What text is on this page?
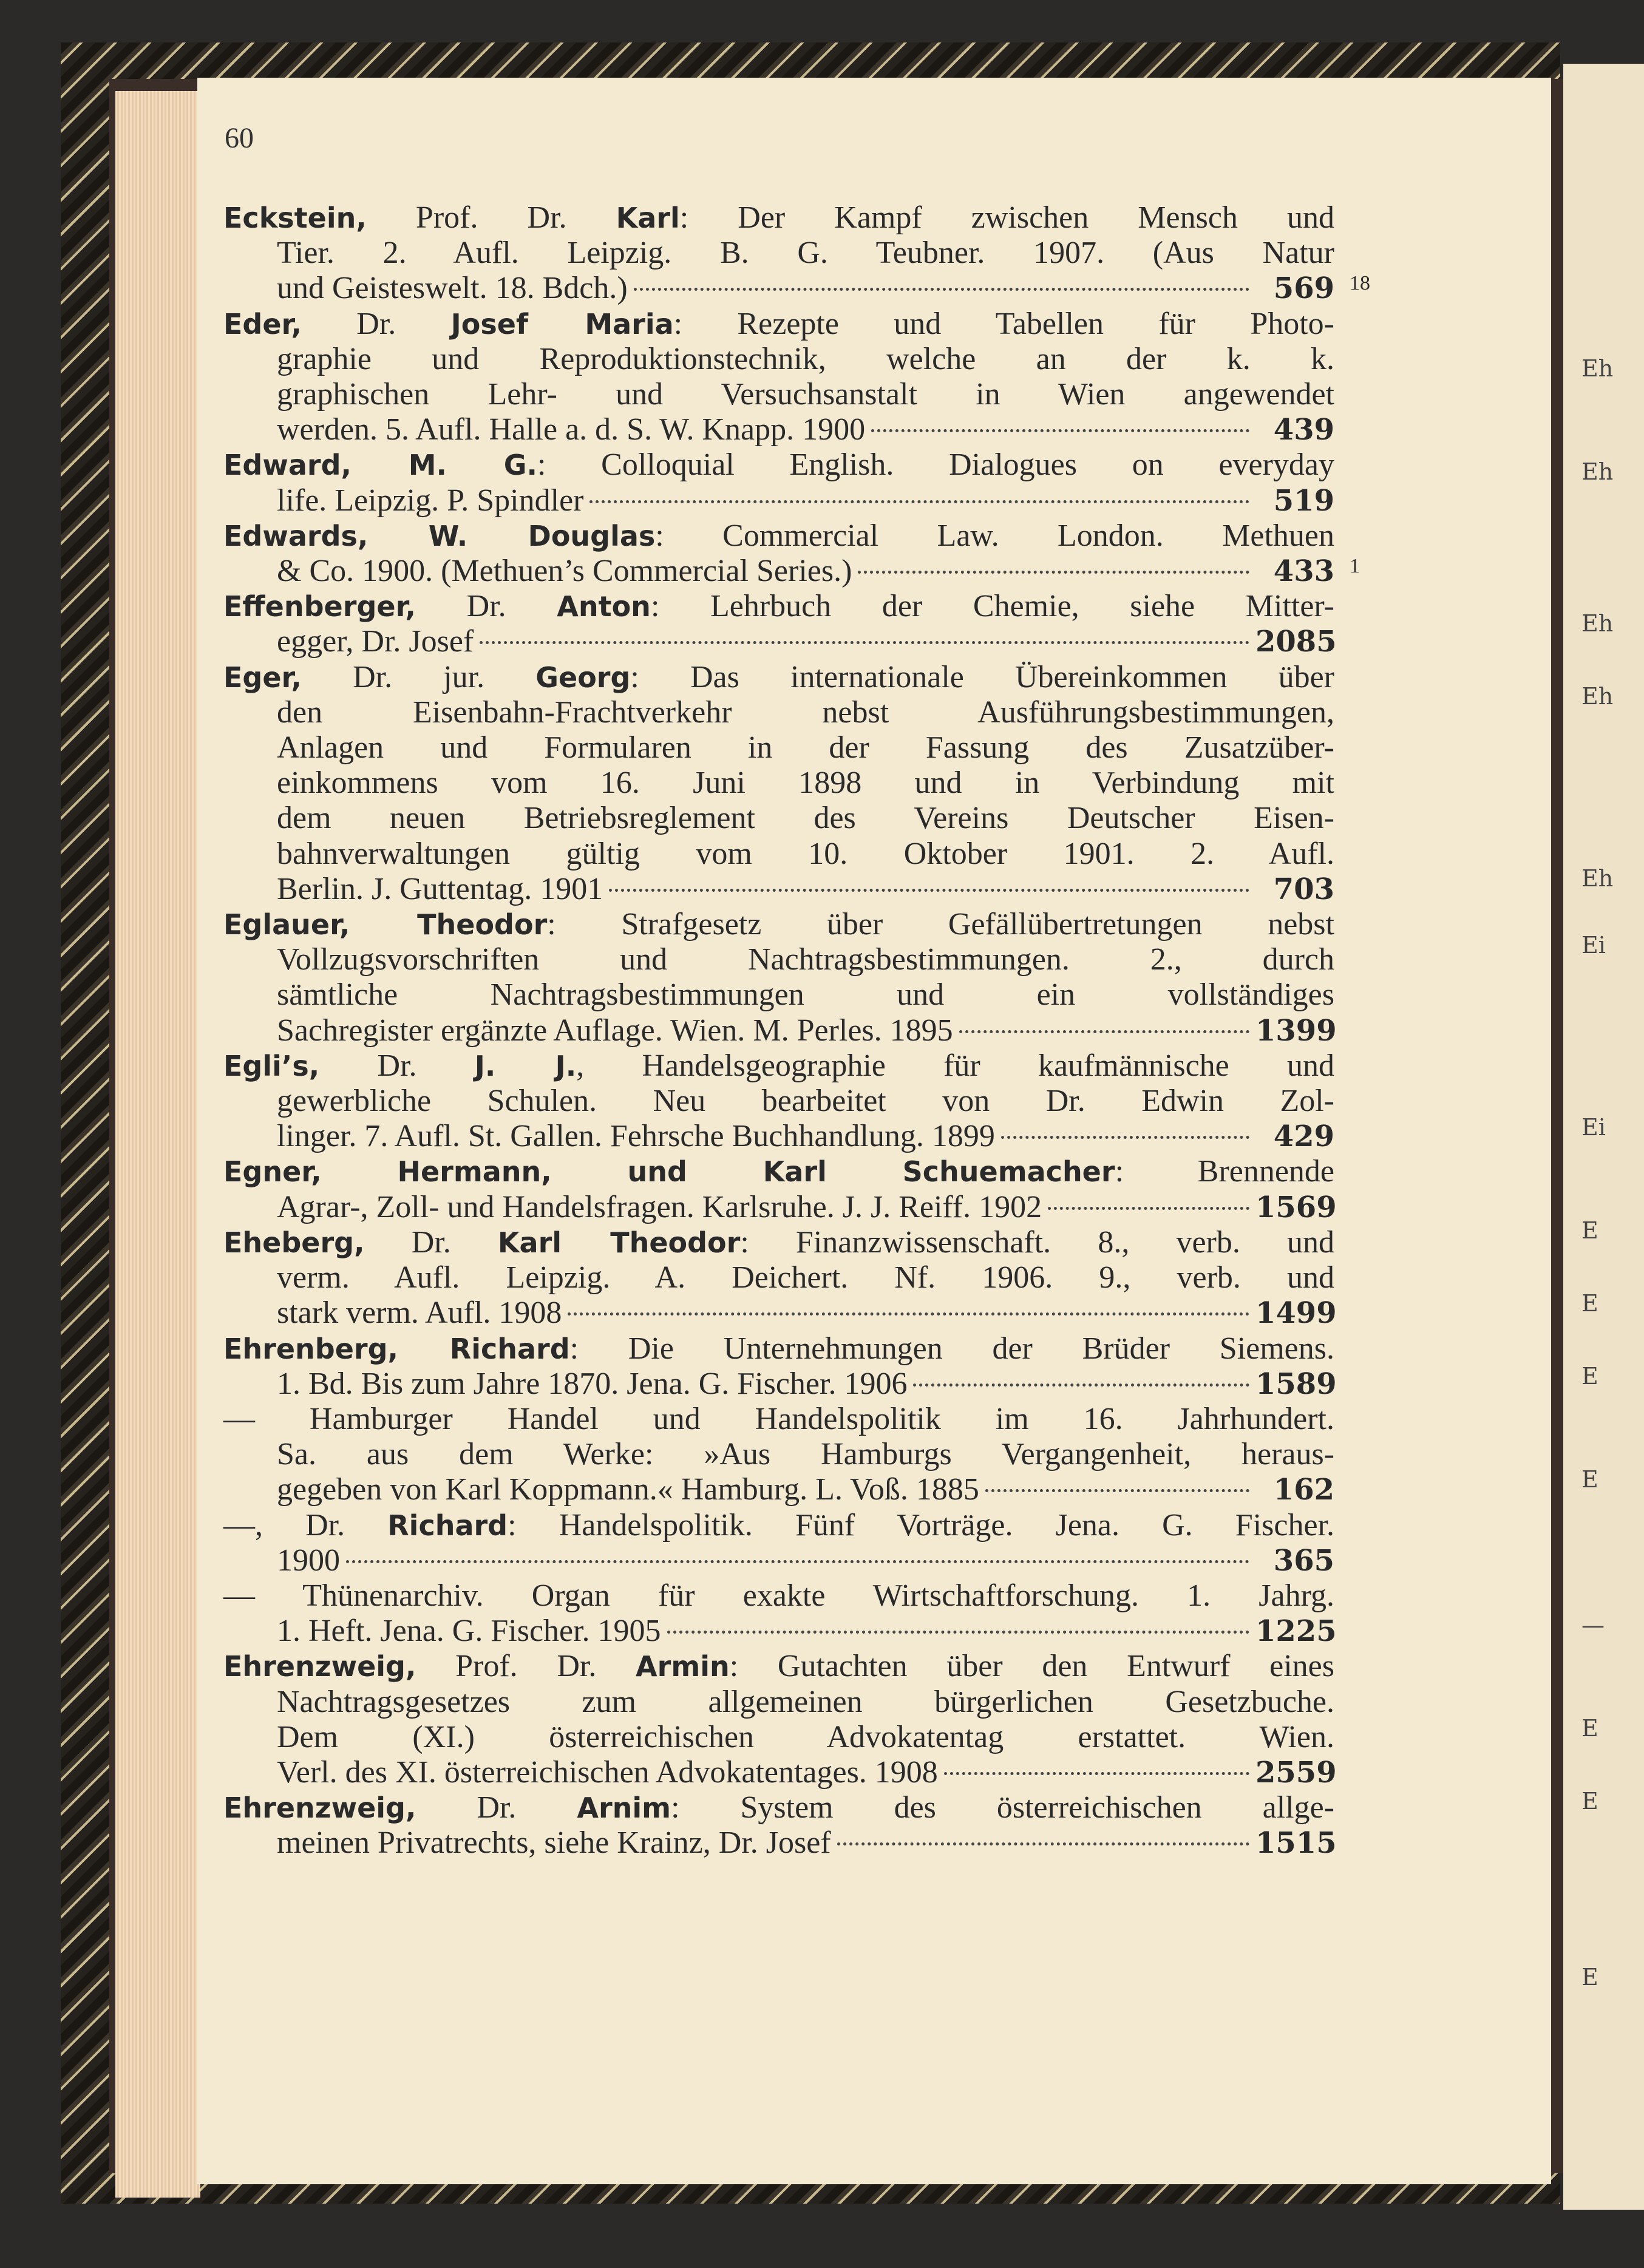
Eh
Eh
Eh
Eh
Eh
Ei
Ei
E
E
E
E
—
E
E
E
60
Eckstein, Prof. Dr. Karl: Der Kampf zwischen Mensch und
Tier. 2. Aufl. Leipzig. B. G. Teubner. 1907. (Aus Natur
und Geisteswelt. 18. Bdch.)	569 18
Eder, Dr. Josef Maria: Rezepte und Tabellen für Photo-
graphie und Reproduktionstechnik, welche an der k. k.
graphischen Lehr- und Versuchsanstalt in Wien angewendet
werden. 5. Aufl. Halle a. d. S. W. Knapp. 1900	439
Edward, M. G.: Colloquial English. Dialogues on everyday
life. Leipzig. P. Spindler	519
Edwards, W. Douglas: Commercial Law. London. Methuen
& Co. 1900. (Methuen’s Commercial Series.)	433 1
Effenberger, Dr. Anton: Lehrbuch der Chemie, siehe Mitter-
egger, Dr. Josef	2085
Eger, Dr. jur. Georg: Das internationale Übereinkommen über
den Eisenbahn-Frachtverkehr nebst Ausführungsbestimmungen,
Anlagen und Formularen in der Fassung des Zusatzüber-
einkommens vom 16. Juni 1898 und in Verbindung mit
dem neuen Betriebsreglement des Vereins Deutscher Eisen-
bahnverwaltungen gültig vom 10. Oktober 1901. 2. Aufl.
Berlin. J. Guttentag. 1901	703
Eglauer, Theodor: Strafgesetz über Gefällübertretungen nebst
Vollzugsvorschriften und Nachtragsbestimmungen. 2., durch
sämtliche Nachtragsbestimmungen und ein vollständiges
Sachregister ergänzte Auflage. Wien. M. Perles. 1895	1399
Egli’s, Dr. J. J., Handelsgeographie für kaufmännische und
gewerbliche Schulen. Neu bearbeitet von Dr. Edwin Zol-
linger. 7. Aufl. St. Gallen. Fehrsche Buchhandlung. 1899	429
Egner, Hermann, und Karl Schuemacher: Brennende
Agrar-, Zoll- und Handelsfragen. Karlsruhe. J. J. Reiff. 1902	1569
Eheberg, Dr. Karl Theodor: Finanzwissenschaft. 8., verb. und
verm. Aufl. Leipzig. A. Deichert. Nf. 1906. 9., verb. und
stark verm. Aufl. 1908	1499
Ehrenberg, Richard: Die Unternehmungen der Brüder Siemens.
1. Bd. Bis zum Jahre 1870. Jena. G. Fischer. 1906	1589
— Hamburger Handel und Handelspolitik im 16. Jahrhundert.
Sa. aus dem Werke: »Aus Hamburgs Vergangenheit, heraus-
gegeben von Karl Koppmann.« Hamburg. L. Voß. 1885	162
—, Dr. Richard: Handelspolitik. Fünf Vorträge. Jena. G. Fischer.
1900	365
— Thünenarchiv. Organ für exakte Wirtschaftforschung. 1. Jahrg.
1. Heft. Jena. G. Fischer. 1905	1225
Ehrenzweig, Prof. Dr. Armin: Gutachten über den Entwurf eines
Nachtragsgesetzes zum allgemeinen bürgerlichen Gesetzbuche.
Dem (XI.) österreichischen Advokatentag erstattet. Wien.
Verl. des XI. österreichischen Advokatentages. 1908	2559
Ehrenzweig, Dr. Arnim: System des österreichischen allge-
meinen Privatrechts, siehe Krainz, Dr. Josef	1515
